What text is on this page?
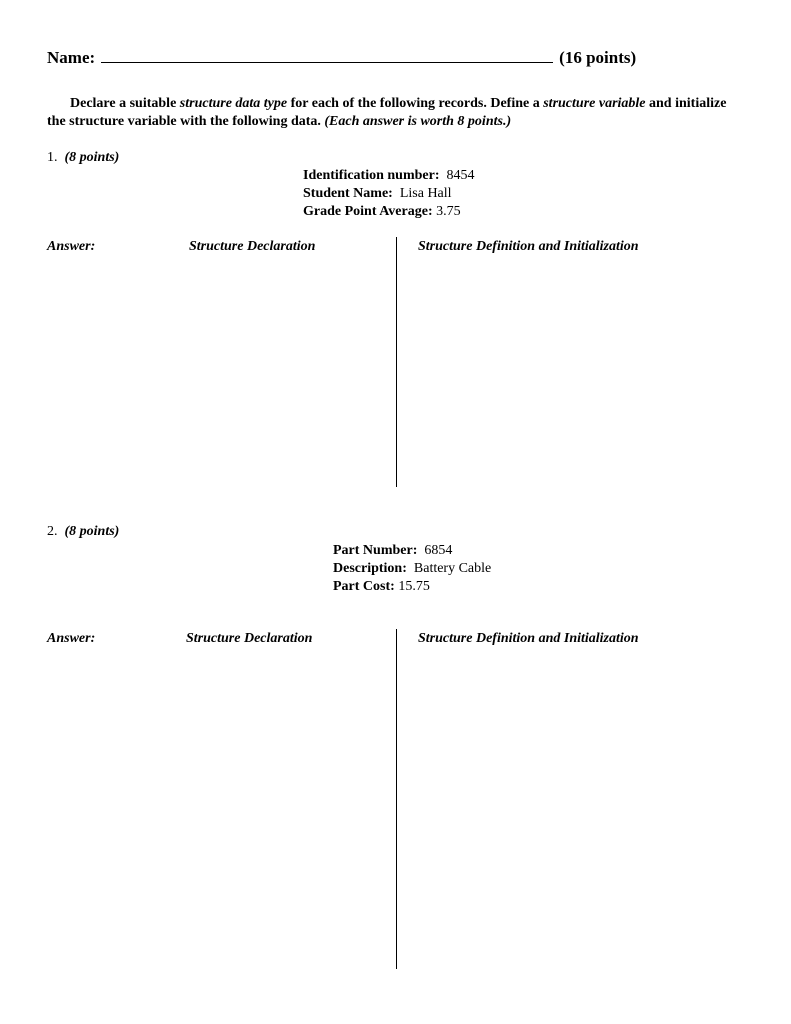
Name:	(16 points)
Declare a suitable structure data type for each of the following records. Define a structure variable and initialize the structure variable with the following data. (Each answer is worth 8 points.)
1. (8 points)
Identification number: 8454
Student Name: Lisa Hall
Grade Point Average: 3.75
Answer:	Structure Declaration	Structure Definition and Initialization
2. (8 points)
Part Number: 6854
Description: Battery Cable
Part Cost: 15.75
Answer:	Structure Declaration	Structure Definition and Initialization
